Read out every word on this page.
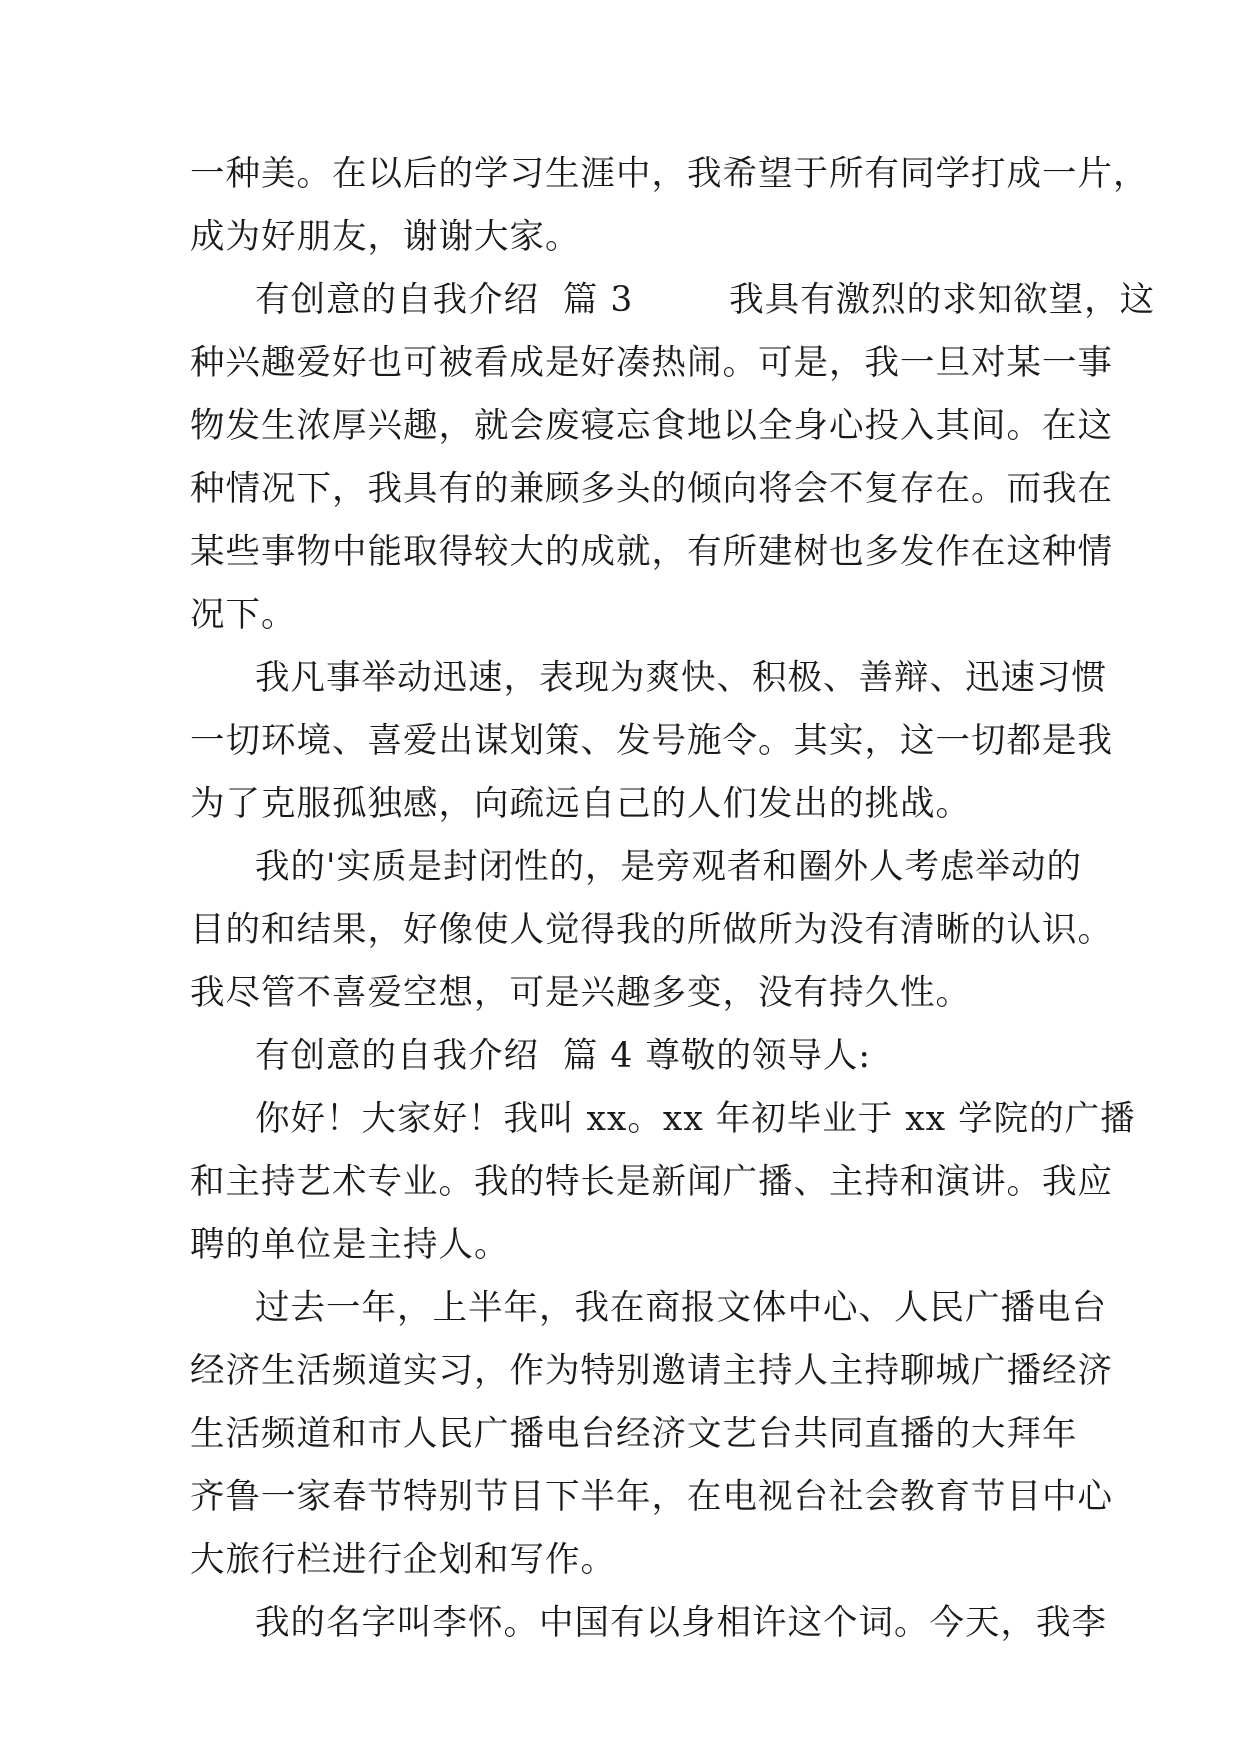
一种美。在以后的学习生涯中，我希望于所有同学打成一片，
成为好朋友，谢谢大家。
有创意的自我介绍  篇 3        我具有激烈的求知欲望，这
种兴趣爱好也可被看成是好凑热闹。可是，我一旦对某一事
物发生浓厚兴趣，就会废寝忘食地以全身心投入其间。在这
种情况下，我具有的兼顾多头的倾向将会不复存在。而我在
某些事物中能取得较大的成就，有所建树也多发作在这种情
况下。
我凡事举动迅速，表现为爽快、积极、善辩、迅速习惯
一切环境、喜爱出谋划策、发号施令。其实，这一切都是我
为了克服孤独感，向疏远自己的人们发出的挑战。
我的'实质是封闭性的，是旁观者和圈外人考虑举动的
目的和结果，好像使人觉得我的所做所为没有清晰的认识。
我尽管不喜爱空想，可是兴趣多变，没有持久性。
有创意的自我介绍  篇 4 尊敬的领导人:
你好！大家好！我叫 xx。xx 年初毕业于 xx 学院的广播
和主持艺术专业。我的特长是新闻广播、主持和演讲。我应
聘的单位是主持人。
过去一年，上半年，我在商报文体中心、人民广播电台
经济生活频道实习，作为特别邀请主持人主持聊城广播经济
生活频道和市人民广播电台经济文艺台共同直播的大拜年
齐鲁一家春节特别节目下半年，在电视台社会教育节目中心
大旅行栏进行企划和写作。
我的名字叫李怀。中国有以身相许这个词。今天，我李
